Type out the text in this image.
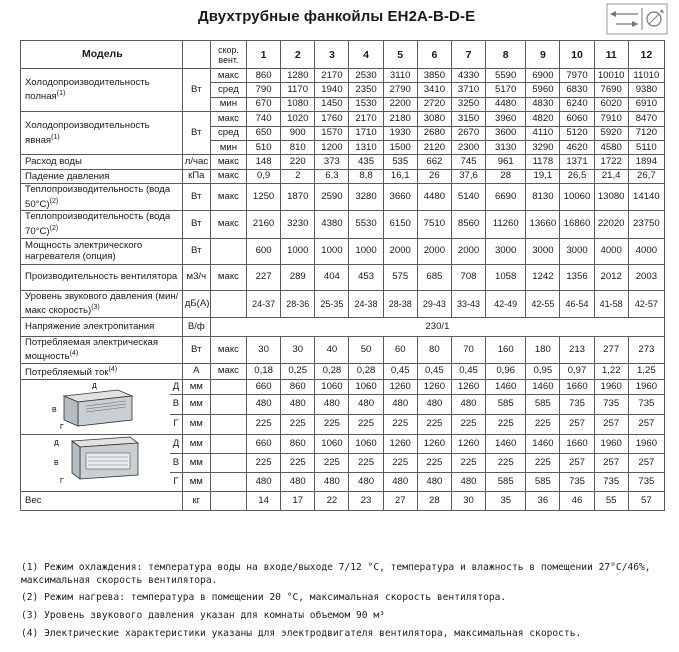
Двухтрубные фанкойлы EH2A-B-D-E
Модель			скор.
вент.	1	2	3	4	5	6	7	8	9	10	11	12
Холодопроизводительность полная$^{(1)}$		Вт	макс	860	1280	2170	2530	3110	3850	4330	5590	6900	7970	10010	11010
			сред	790	1170	1940	2350	2790	3410	3710	5170	5960	6830	7690	9380
			мин	670	1080	1450	1530	2200	2720	3250	4480	4830	6240	6020	6910
Холодопроизводительность явная$^{(1)}$		Вт	макс	740	1020	1760	2170	2180	3080	3150	3960	4820	6060	7910	8470
			сред	650	900	1570	1710	1930	2680	2670	3600	4110	5120	5920	7120
			мин	510	810	1200	1310	1500	2120	2300	3130	3290	4620	4580	5110
Расход воды		л/час	макс	148	220	373	435	535	662	745	961	1178	1371	1722	1894
Падение давления		кПа	макс	0,9	2	6,3	8,8	16,1	26	37,6	28	19,1	26,5	21,4	26,7
Теплопроизводительность (вода 50°С)$^{(2)}$		Вт	макс	1250	1870	2590	3280	3660	4480	5140	6690	8130	10060	13080	14140
Теплопроизводительность (вода 70°С)$^{(2)}$		Вт	макс	2160	3230	4380	5530	6150	7510	8560	11260	13660	16860	22020	23750
Мощность электрического нагревателя (опция)		Вт		600	1000	1000	1000	2000	2000	2000	3000	3000	3000	4000	4000
Производительность вентилятора		м3/ч	макс	227	289	404	453	575	685	708	1058	1242	1356	2012	2003
Уровень звукового давления (мин/макс скорость)$^{(3)}$		дБ(А)		24-37	28-36	25-35	24-38	28-38	29-43	33-43	42-49	42-55	46-54	41-58	42-57
Напряжение электропитания		В/ф	230/1												
Потребляемая электрическая мощность$^{(4)}$		Вт	макс	30	30	40	50	60	80	70	160	180	213	277	273
Потребляемый ток$^{(4)}$		А	макс	0,18	0,25	0,28	0,28	0,45	0,45	0,45	0,96	0,95	0,97	1,22	1,25

Д
В
Г	Д	мм		660	860	1060	1060	1260	1260	1260	1460	1460	1660	1960	1960
	В	мм		480	480	480	480	480	480	480	585	585	735	735	735
	Г	мм		225	225	225	225	225	225	225	225	225	257	257	257

Д
В
Г	Д	мм		660	860	1060	1060	1260	1260	1260	1460	1460	1660	1960	1960
	В	мм		225	225	225	225	225	225	225	225	225	257	257	257
	Г	мм		480	480	480	480	480	480	480	585	585	735	735	735
Вес		кг		14	17	22	23	27	28	30	35	36	46	55	57

(1) Режим охлаждения: температура воды на входе/выходе 7/12 °С, температура и влажность в помещении 27°С/46%, максимальная скорость вентилятора.

(2) Режим нагрева: температура в помещении 20 °С, максимальная скорость вентилятора.

(3) Уровень звукового давления указан для комнаты объемом 90 м³

(4) Электрические характеристики указаны для электродвигателя вентилятора, максимальная скорость.
